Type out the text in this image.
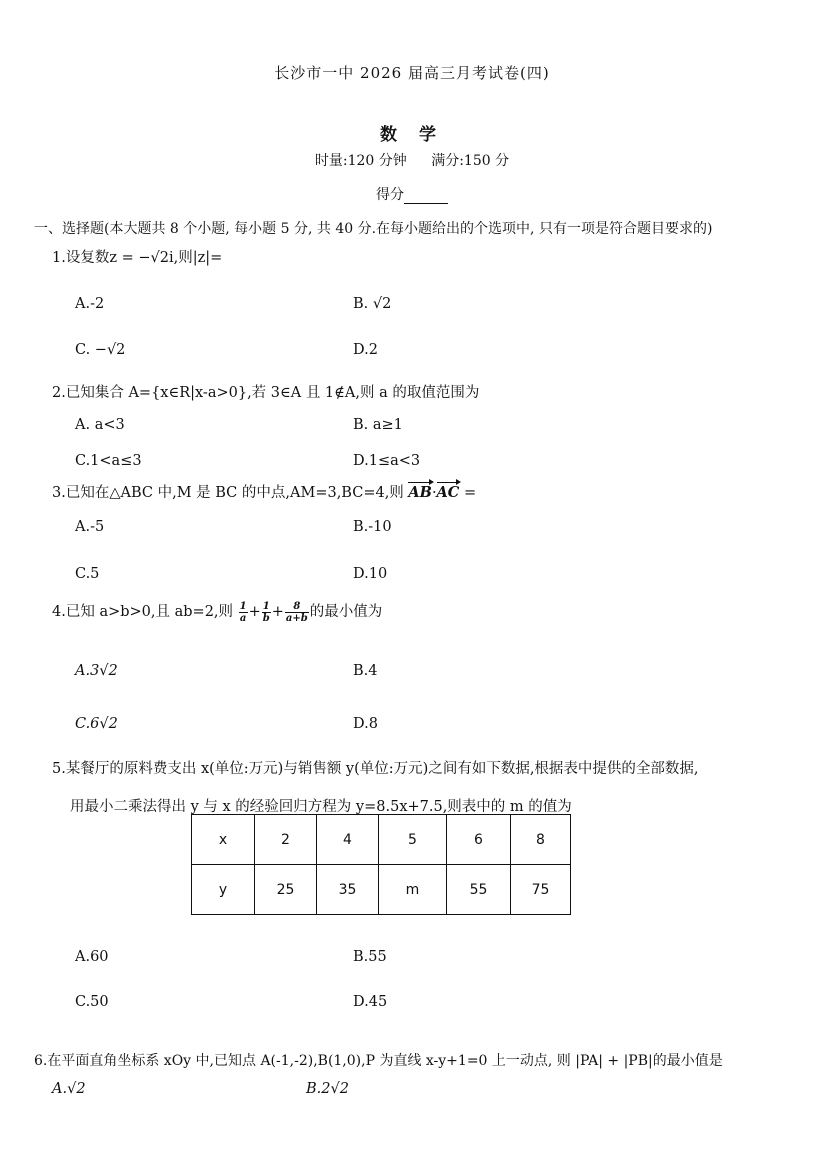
长沙市一中 2026 届高三月考试卷(四)
数 学
时量:120 分钟 满分:150 分
得分
一、选择题(本大题共 8 个小题, 每小题 5 分, 共 40 分.在每小题给出的个选项中, 只有一项是符合题目要求的)
1.设复数z = −√2i,则|z|=
A.-2	B. √2
C. −√2	D.2
2.已知集合 A={x∈R|x-a>0},若 3∈A 且 1∉A,则 a 的取值范围为
A. a<3	B. a≥1
C.1<a≤3	D.1≤a<3
3.已知在△ABC 中,M 是 BC 的中点,AM=3,BC=4,则 AB·AC =
A.-5	B.-10
C.5	D.10
4.已知 a>b>0,且 ab=2,则 $\frac{1}{a} + \frac{1}{b} + \frac{8}{a+b}$ 的最小值为
A.3√2	B.4
C.6√2	D.8
5.某餐厅的原料费支出 x(单位:万元)与销售额 y(单位:万元)之间有如下数据,根据表中提供的全部数据,
用最小二乘法得出 y 与 x 的经验回归方程为 y=8.5x+7.5,则表中的 m 的值为
x	2	4	5	6	8
y	25	35	m	55	75
A.60	B.55
C.50	D.45
6.在平面直角坐标系 xOy 中,已知点 A(-1,-2),B(1,0),P 为直线 x-y+1=0 上一动点, 则 |PA| + |PB|的最小值是
A.√2	B.2√2
